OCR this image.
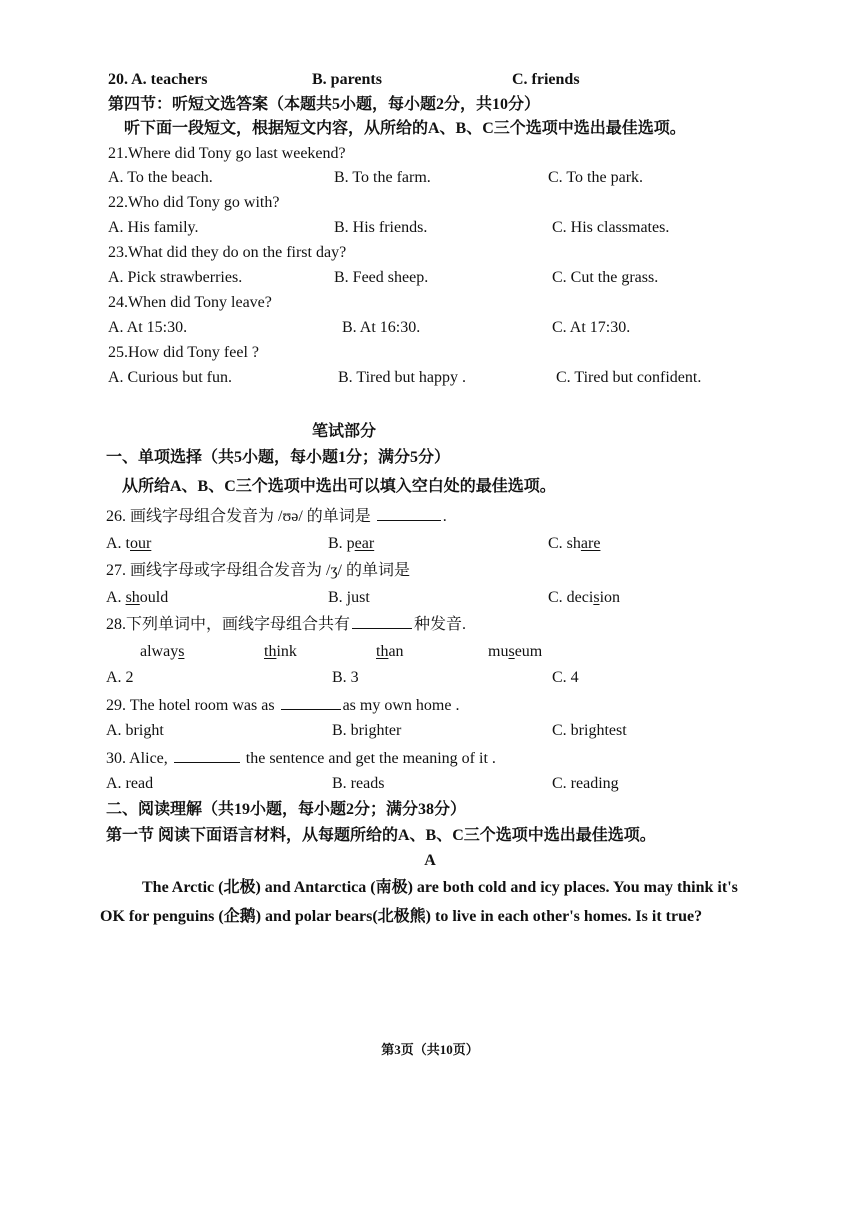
20. A. teachers	B. parents	C. friends
第四节：听短文选答案（本题共5小题，每小题2分，共10分）
听下面一段短文，根据短文内容，从所给的A、B、C三个选项中选出最佳选项。
21.Where did Tony go last weekend?
A. To the beach.	B. To the farm.	C. To the park.
22.Who did Tony go with?
A. His family.	B. His friends.	C. His classmates.
23.What did they do on the first day?
A. Pick strawberries.	B. Feed sheep.	C. Cut the grass.
24.When did Tony leave?
A. At 15:30.	B. At 16:30.	C. At 17:30.
25.How did Tony feel ?
A. Curious but fun.	B. Tired but happy .	C. Tired but confident.
笔试部分
一、单项选择（共5小题，每小题1分；满分5分）
从所给A、B、C三个选项中选出可以填入空白处的最佳选项。
26. 画线字母组合发音为 /ʊə/ 的单词是	.
A. tour	B. pear	C. share
27. 画线字母或字母组合发音为 /ʒ/ 的单词是
A. should	B. just	C. decision
28.下列单词中，画线字母组合共有	种发音.
always	think	than	museum
A. 2	B. 3	C. 4
29. The hotel room was as	as my own home .
A. bright	B. brighter	C. brightest
30. Alice,	the sentence and get the meaning of it .
A. read	B. reads	C. reading
二、阅读理解（共19小题，每小题2分；满分38分）
第一节 阅读下面语言材料，从每题所给的A、B、C三个选项中选出最佳选项。
A
The Arctic (北极) and Antarctica (南极) are both cold and icy places. You may think it's OK for penguins (企鹅) and polar bears(北极熊) to live in each other's homes. Is it true?
第3页（共10页）
